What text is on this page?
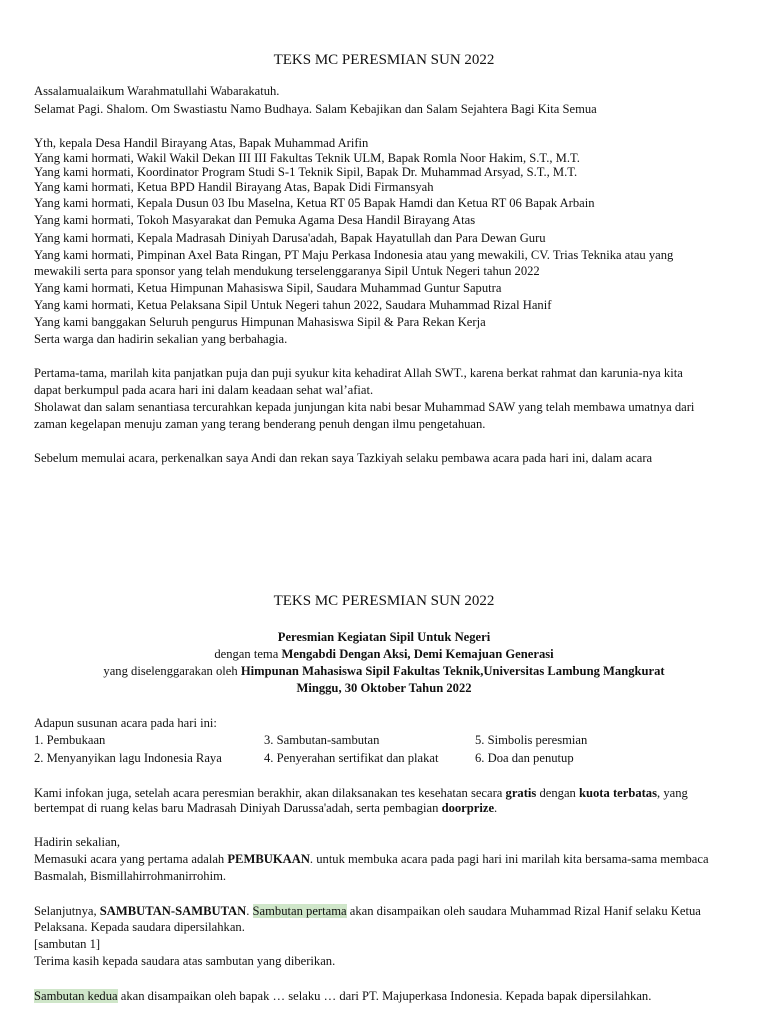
TEKS MC PERESMIAN SUN 2022
Assalamualaikum Warahmatullahi Wabarakatuh.
Selamat Pagi. Shalom. Om Swastiastu Namo Budhaya. Salam Kebajikan dan Salam Sejahtera Bagi Kita Semua
Yth, kepala Desa Handil Birayang Atas, Bapak Muhammad Arifin
Yang kami hormati, Wakil Wakil Dekan III III Fakultas Teknik ULM, Bapak Romla Noor Hakim, S.T., M.T.
Yang kami hormati, Koordinator Program Studi S-1 Teknik Sipil, Bapak Dr. Muhammad Arsyad, S.T., M.T.
Yang kami hormati, Ketua BPD Handil Birayang Atas, Bapak Didi Firmansyah
Yang kami hormati, Kepala Dusun 03 Ibu Maselna, Ketua RT 05 Bapak Hamdi dan Ketua RT 06 Bapak Arbain
Yang kami hormati, Tokoh Masyarakat dan Pemuka Agama Desa Handil Birayang Atas
Yang kami hormati, Kepala Madrasah Diniyah Darusa'adah, Bapak Hayatullah dan Para Dewan Guru
Yang kami hormati, Pimpinan Axel Bata Ringan, PT Maju Perkasa Indonesia atau yang mewakili, CV. Trias Teknika atau yang
mewakili serta para sponsor yang telah mendukung terselenggaranya Sipil Untuk Negeri tahun 2022
Yang kami hormati, Ketua Himpunan Mahasiswa Sipil, Saudara Muhammad Guntur Saputra
Yang kami hormati, Ketua Pelaksana Sipil Untuk Negeri tahun 2022, Saudara Muhammad Rizal Hanif
Yang kami banggakan Seluruh pengurus Himpunan Mahasiswa Sipil & Para Rekan Kerja
Serta warga dan hadirin sekalian yang berbahagia.
Pertama-tama, marilah kita panjatkan puja dan puji syukur kita kehadirat Allah SWT., karena berkat rahmat dan karunia-nya kita
dapat berkumpul pada acara hari ini dalam keadaan sehat wal’afiat.
Sholawat dan salam senantiasa tercurahkan kepada junjungan kita nabi besar Muhammad SAW yang telah membawa umatnya dari
zaman kegelapan menuju zaman yang terang benderang penuh dengan ilmu pengetahuan.
Sebelum memulai acara, perkenalkan saya Andi dan rekan saya Tazkiyah selaku pembawa acara pada hari ini, dalam acara
TEKS MC PERESMIAN SUN 2022
Peresmian Kegiatan Sipil Untuk Negeri
dengan tema Mengabdi Dengan Aksi, Demi Kemajuan Generasi
yang diselenggarakan oleh Himpunan Mahasiswa Sipil Fakultas Teknik,Universitas Lambung Mangkurat
Minggu, 30 Oktober Tahun 2022
Adapun susunan acara pada hari ini:
1. Pembukaan	3. Sambutan-sambutan	5. Simbolis peresmian
2. Menyanyikan lagu Indonesia Raya	4. Penyerahan sertifikat dan plakat	6. Doa dan penutup
Kami infokan juga, setelah acara peresmian berakhir, akan dilaksanakan tes kesehatan secara gratis dengan kuota terbatas, yang
bertempat di ruang kelas baru Madrasah Diniyah Darussa'adah, serta pembagian doorprize.
Hadirin sekalian,
Memasuki acara yang pertama adalah PEMBUKAAN. untuk membuka acara pada pagi hari ini marilah kita bersama-sama membaca
Basmalah, Bismillahirrohmanirrohim.
Selanjutnya, SAMBUTAN-SAMBUTAN. Sambutan pertama akan disampaikan oleh saudara Muhammad Rizal Hanif selaku Ketua
Pelaksana. Kepada saudara dipersilahkan.
[sambutan 1]
Terima kasih kepada saudara atas sambutan yang diberikan.
Sambutan kedua akan disampaikan oleh bapak … selaku … dari PT. Majuperkasa Indonesia. Kepada bapak dipersilahkan.
